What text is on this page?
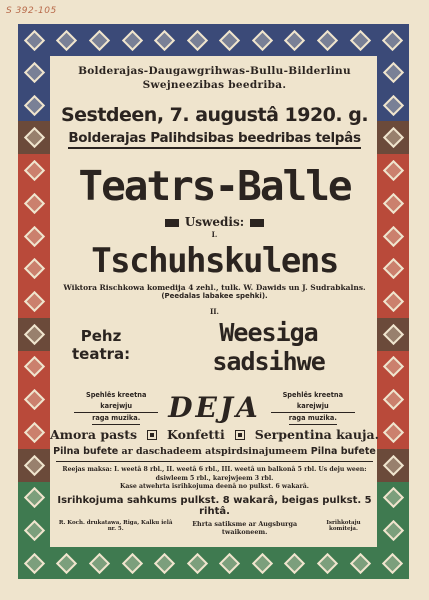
S 392-105
Bolderajas-Daugawgrihwas-Bullu-Bilderlinu
Swejneezibas beedriba.
Sestdeen, 7. augustâ 1920. g.
Bolderajas Palihdsibas beedribas telpâs
Teatrs-Balle
Uswedis:
I.
Tschuhskulens
Wiktora Rischkowa komedija 4 zehl., tulk. W. Dawids un J. Sudrabkalns.
(Peedalas labakee spehki).
II.
Pehz teatra:
Weesiga sadsihwe
Spehlês kreetna karejwju
raga muzika. DEJA	Spehlês kreetna karejwju
raga muzika.
Amora pasts Konfetti Serpentina kauja.
Pilna bufete ar daschadeem atspirdsinajumeem Pilna bufete
Reejas maksa: I. weetâ 8 rbl., II. weetâ 6 rbl., III. weetâ un balkonâ 5 rbl. Us deju ween:
dsiwleem 5 rbl., karejwjeem 3 rbl.
Kase atwehrta isrihkojuma deenâ no pulkst. 6 wakarâ.
Isrihkojuma sahkums pulkst. 8 wakarâ, beigas pulkst. 5 rihtâ.
R. Koch. drukatawa, Riga, Kalku ielâ nr. 5.
Ehrta satiksme ar Augsburga twaikoneem.
Isrihkotaju komiteja.
